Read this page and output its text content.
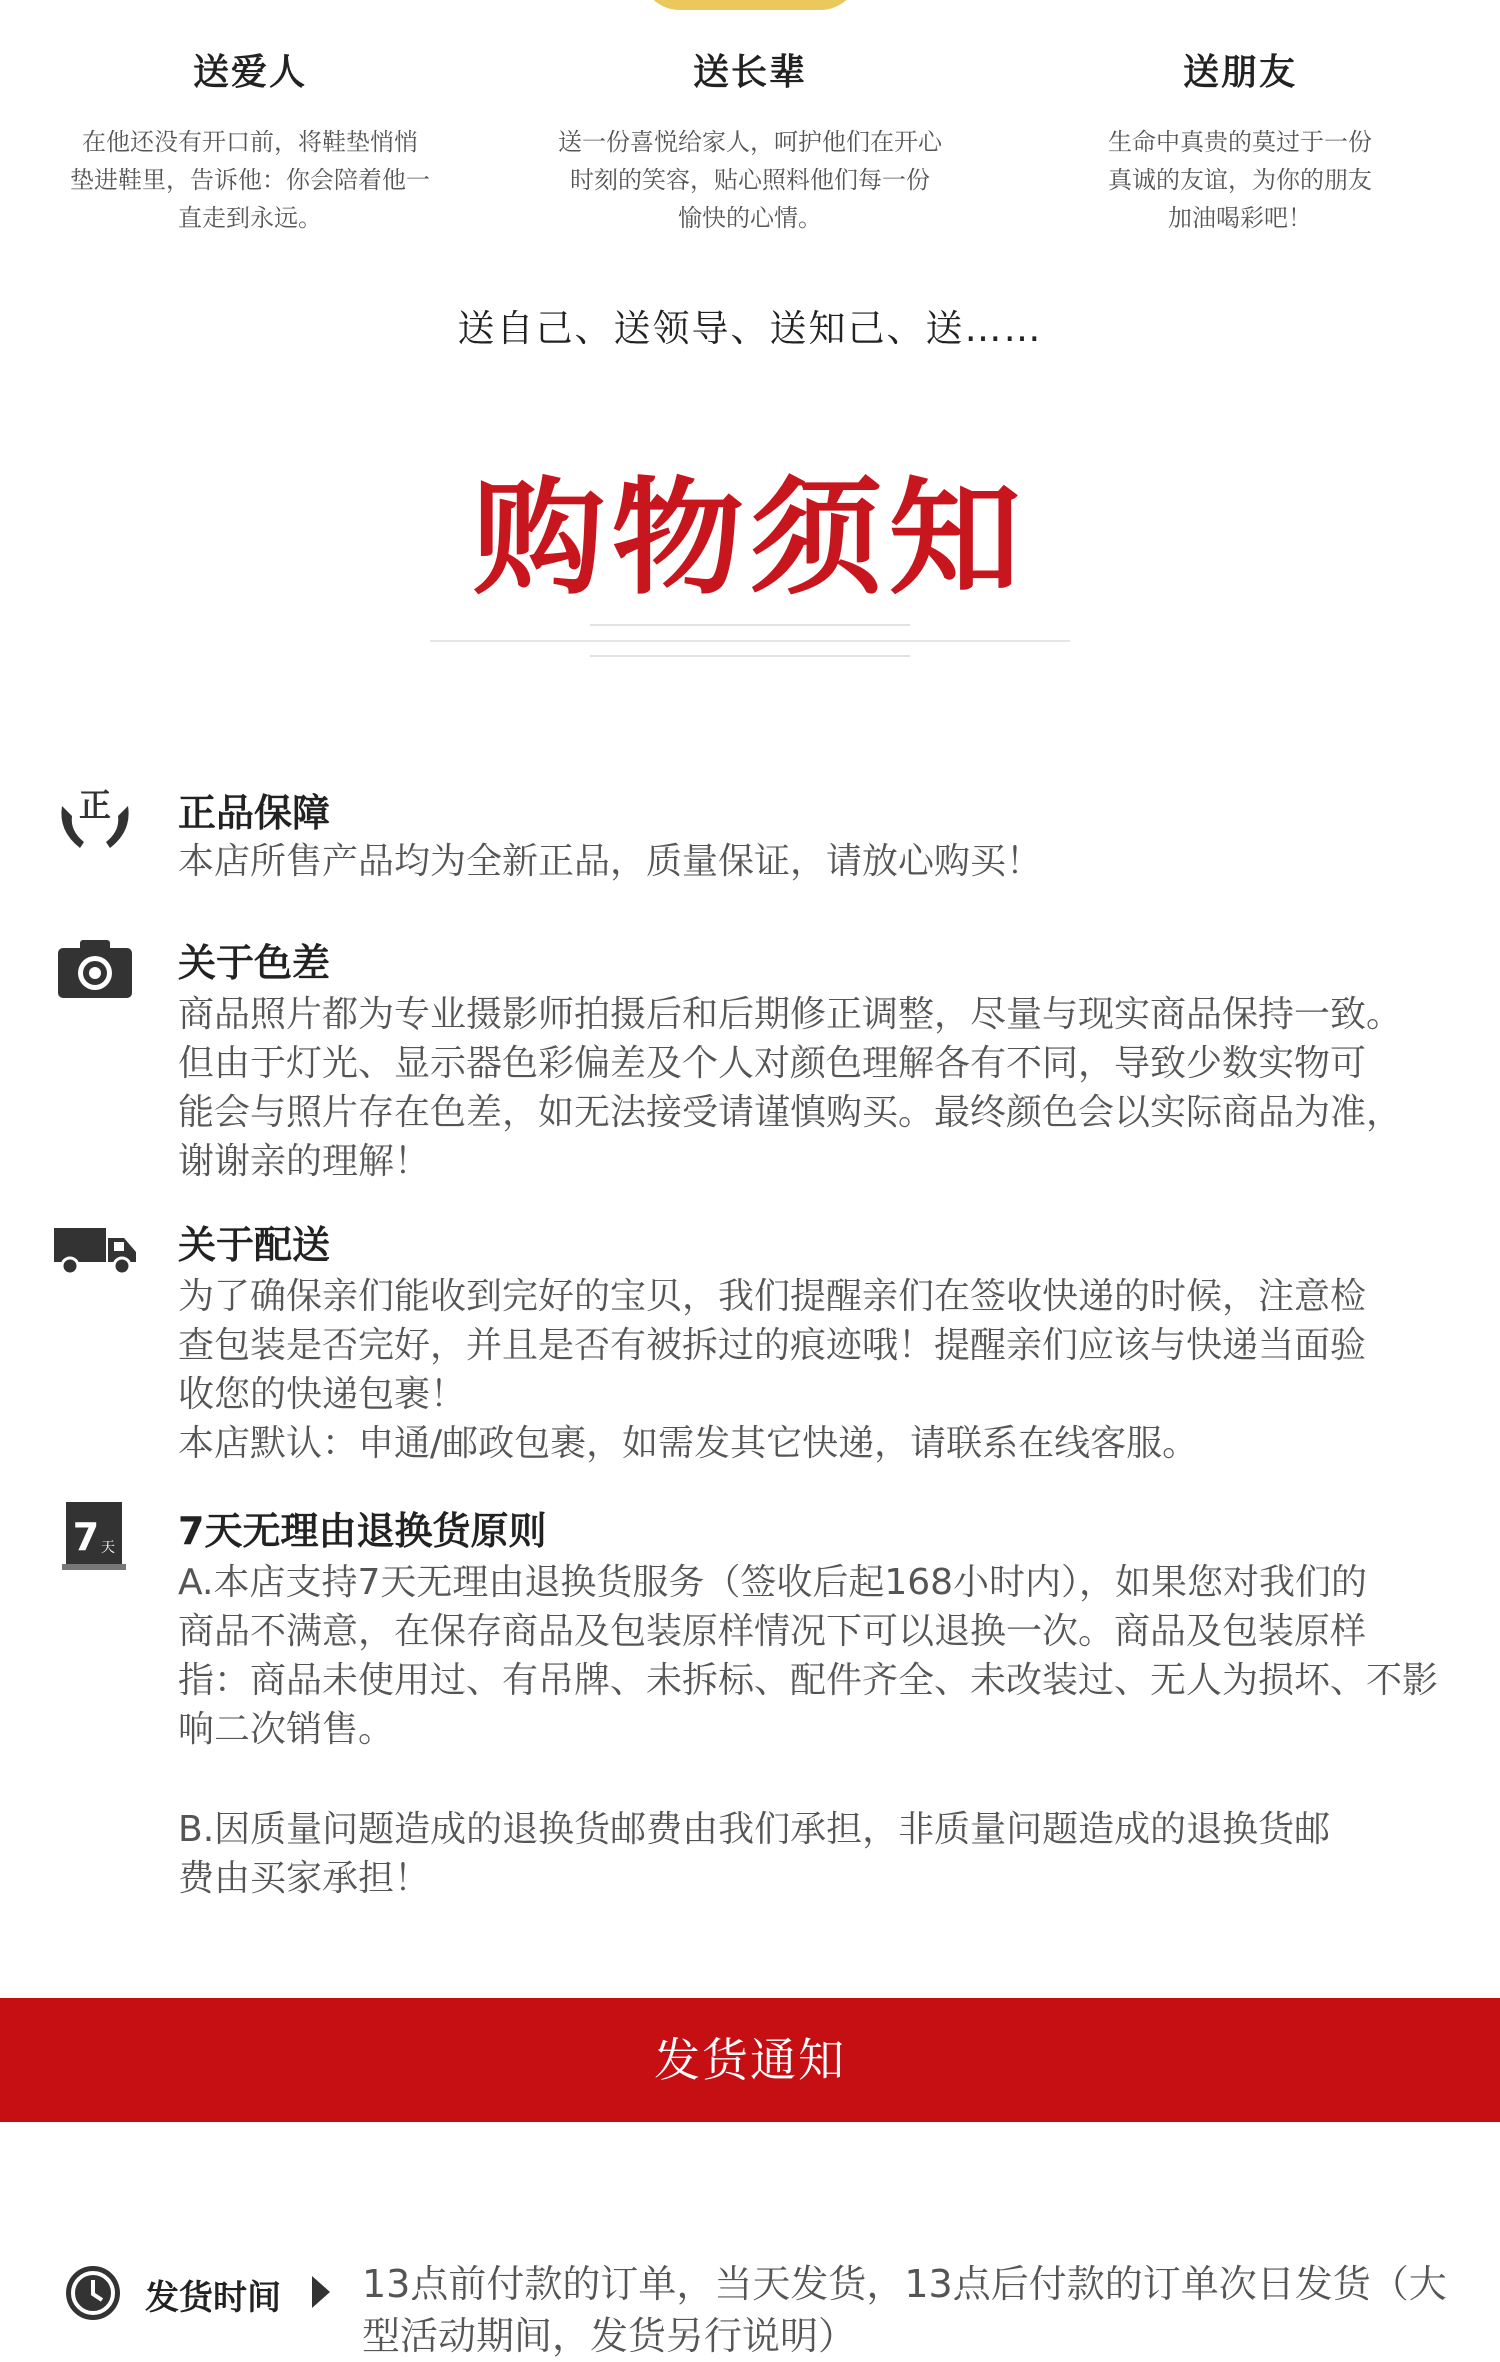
送爱人
在他还没有开口前，将鞋垫悄悄
垫进鞋里，告诉他：你会陪着他一
直走到永远。
送长辈
送一份喜悦给家人，呵护他们在开心
时刻的笑容，贴心照料他们每一份
愉快的心情。
送朋友
生命中真贵的莫过于一份
真诚的友谊，为你的朋友
加油喝彩吧！
送自己、送领导、送知己、送……
购物须知
正 正品保障
本店所售产品均为全新正品，质量保证，请放心购买！
关于色差
商品照片都为专业摄影师拍摄后和后期修正调整，尽量与现实商品保持一致。
但由于灯光、显示器色彩偏差及个人对颜色理解各有不同，导致少数实物可
能会与照片存在色差，如无法接受请谨慎购买。最终颜色会以实际商品为准，
谢谢亲的理解！
关于配送
为了确保亲们能收到完好的宝贝，我们提醒亲们在签收快递的时候，注意检
查包装是否完好，并且是否有被拆过的痕迹哦！提醒亲们应该与快递当面验
收您的快递包裹！
本店默认：申通/邮政包裹，如需发其它快递，请联系在线客服。
7 天 7天无理由退换货原则
A.本店支持7天无理由退换货服务（签收后起168小时内），如果您对我们的
商品不满意，在保存商品及包装原样情况下可以退换一次。商品及包装原样
指：商品未使用过、有吊牌、未拆标、配件齐全、未改装过、无人为损坏、不影
响二次销售。
B.因质量问题造成的退换货邮费由我们承担，非质量问题造成的退换货邮
费由买家承担！
发货通知
发货时间 13点前付款的订单，当天发货，13点后付款的订单次日发货（大
型活动期间，发货另行说明）
